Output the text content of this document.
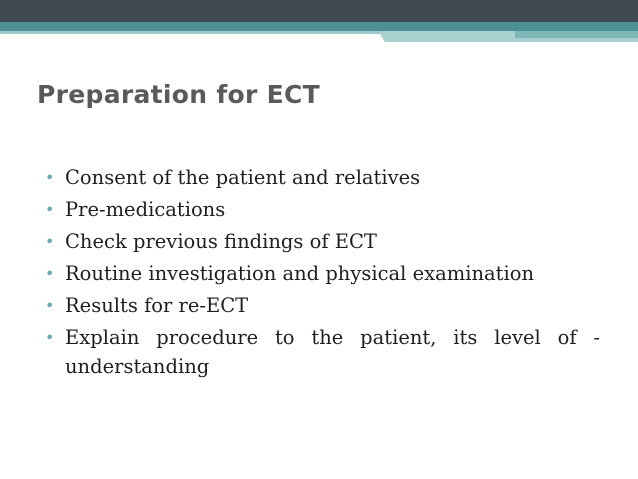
Preparation for ECT
• Consent of the patient and relatives
• Pre-medications
• Check previous findings of ECT
• Routine investigation and physical examination
• Results for re-ECT
• Explain procedure to the patient, its level of -
understanding
